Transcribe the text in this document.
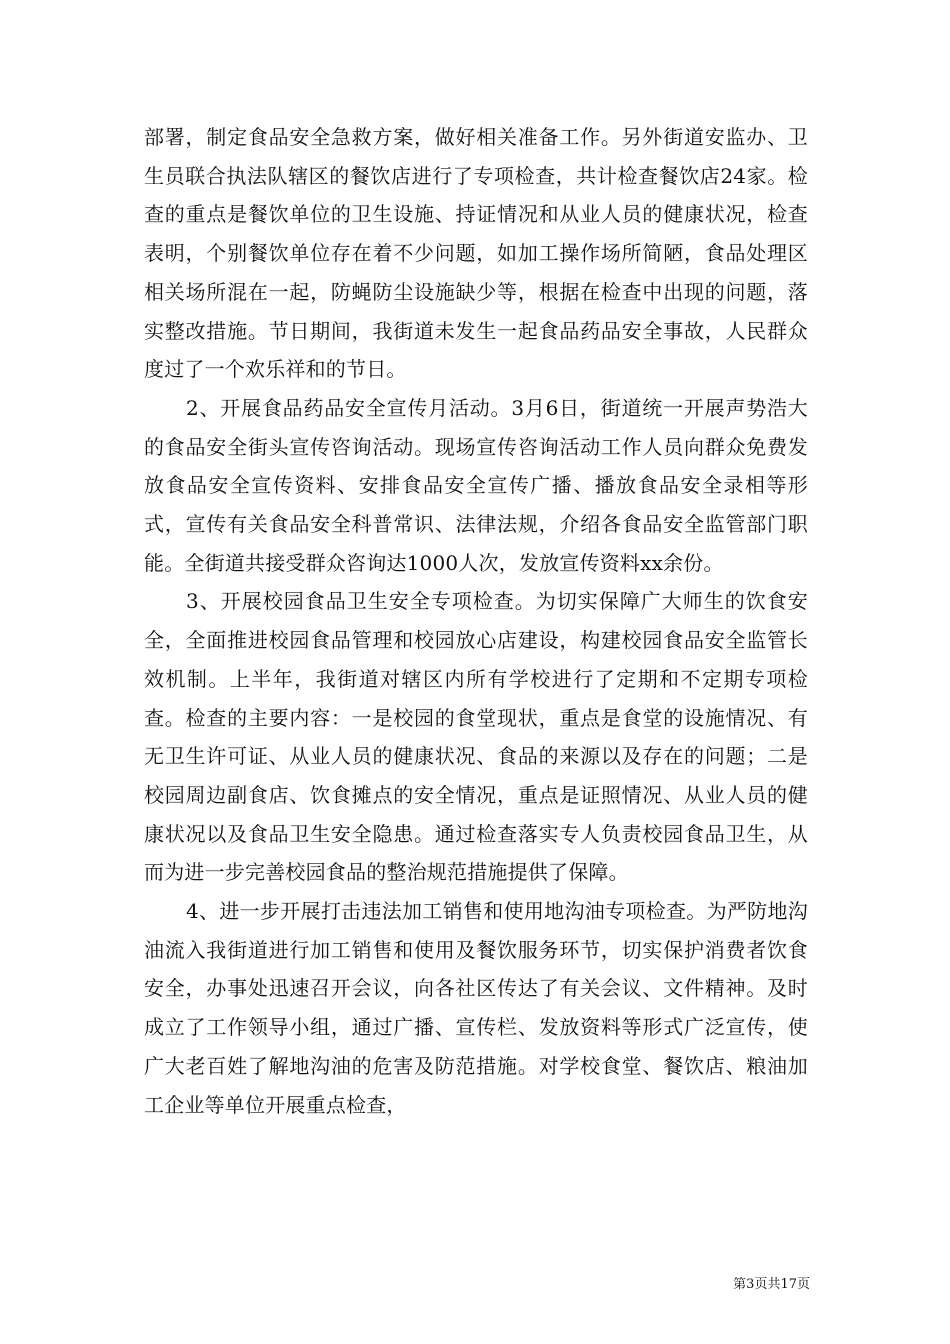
部署，制定食品安全急救方案，做好相关准备工作。另外街道安监办、卫生员联合执法队辖区的餐饮店进行了专项检查，共计检查餐饮店24家。检查的重点是餐饮单位的卫生设施、持证情况和从业人员的健康状况，检查表明，个别餐饮单位存在着不少问题，如加工操作场所简陋，食品处理区相关场所混在一起，防蝇防尘设施缺少等，根据在检查中出现的问题，落实整改措施。节日期间，我街道未发生一起食品药品安全事故，人民群众度过了一个欢乐祥和的节日。

2、开展食品药品安全宣传月活动。3月6日，街道统一开展声势浩大的食品安全街头宣传咨询活动。现场宣传咨询活动工作人员向群众免费发放食品安全宣传资料、安排食品安全宣传广播、播放食品安全录相等形式，宣传有关食品安全科普常识、法律法规，介绍各食品安全监管部门职能。全街道共接受群众咨询达1000人次，发放宣传资料xx余份。

3、开展校园食品卫生安全专项检查。为切实保障广大师生的饮食安全，全面推进校园食品管理和校园放心店建设，构建校园食品安全监管长效机制。上半年，我街道对辖区内所有学校进行了定期和不定期专项检查。检查的主要内容：一是校园的食堂现状，重点是食堂的设施情况、有无卫生许可证、从业人员的健康状况、食品的来源以及存在的问题；二是校园周边副食店、饮食摊点的安全情况，重点是证照情况、从业人员的健康状况以及食品卫生安全隐患。通过检查落实专人负责校园食品卫生，从而为进一步完善校园食品的整治规范措施提供了保障。

4、进一步开展打击违法加工销售和使用地沟油专项检查。为严防地沟油流入我街道进行加工销售和使用及餐饮服务环节，切实保护消费者饮食安全，办事处迅速召开会议，向各社区传达了有关会议、文件精神。及时成立了工作领导小组，通过广播、宣传栏、发放资料等形式广泛宣传，使广大老百姓了解地沟油的危害及防范措施。对学校食堂、餐饮店、粮油加工企业等单位开展重点检查，

第3页共17页
